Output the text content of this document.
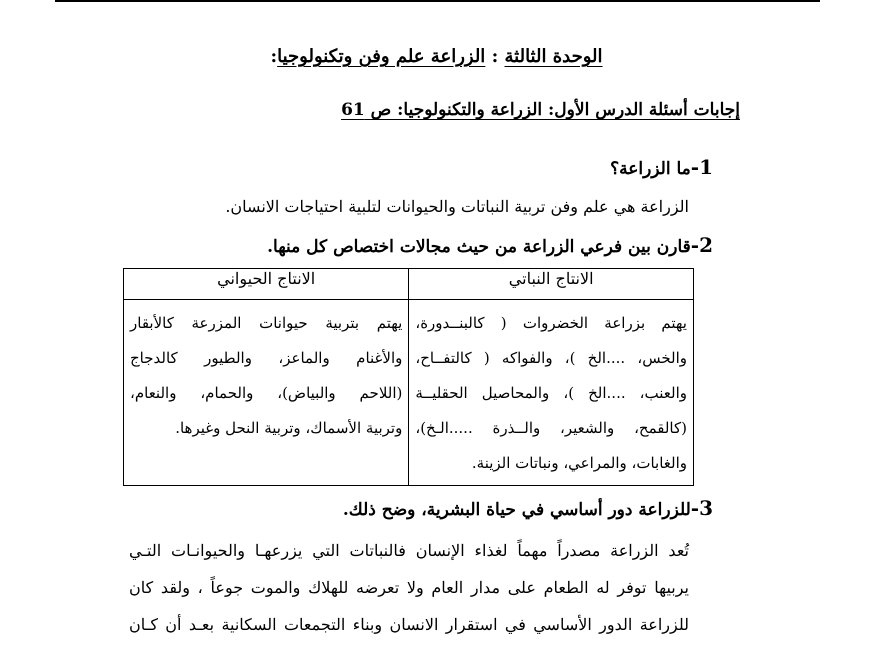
الوحدة الثالثة : الزراعة علم وفن وتكنولوجيا:
إجابات أسئلة الدرس الأول: الزراعة والتكنولوجيا: ص 61
1-ما الزراعة؟
الزراعة هي علم وفن تربية النباتات والحيوانات لتلبية احتياجات الانسان.
2-قارن بين فرعي الزراعة من حيث مجالات اختصاص كل منها.
الانتاج النباتي	الانتاج الحيواني

يهتم بزراعة الخضروات ( كالبنــدورة،
والخس، ....الخ )، والفواكه ( كالتفــاح،
والعنب، ....الخ )، والمحاصيل الحقليــة
(كالقمح، والشعير، والــذرة .....الـخ)،
والغابات، والمراعي، ونباتات الزينة.	يهتم بتربية حيوانات المزرعة كالأبقار
والأغنام والماعز، والطيور كالدجاج
(اللاحم والبياض)، والحمام، والنعام،
وتربية الأسماك، وتربية النحل وغيرها.
3-للزراعة دور أساسي في حياة البشرية، وضح ذلك.
تُعد الزراعة مصدراً مهماً لغذاء الإنسان فالنباتات التي يزرعهـا والحيوانـات التـي
يربيها توفر له الطعام على مدار العام ولا تعرضه للهلاك والموت جوعاً ، ولقد كان
للزراعة الدور الأساسي في استقرار الانسان وبناء التجمعات السكانية بعـد أن كـان
